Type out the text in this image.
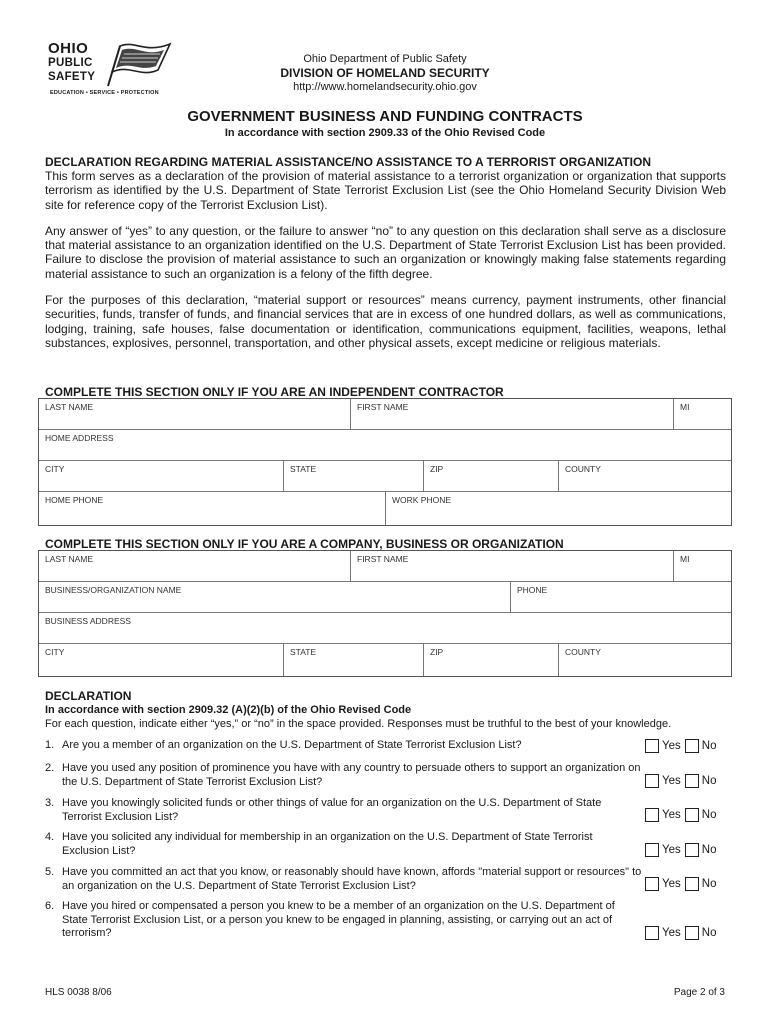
OHIO
PUBLIC
SAFETY
EDUCATION • SERVICE • PROTECTION
Ohio Department of Public Safety
DIVISION OF HOMELAND SECURITY
http://www.homelandsecurity.ohio.gov
GOVERNMENT BUSINESS AND FUNDING CONTRACTS
In accordance with section 2909.33 of the Ohio Revised Code
DECLARATION REGARDING MATERIAL ASSISTANCE/NO ASSISTANCE TO A TERRORIST ORGANIZATION

This form serves as a declaration of the provision of material assistance to a terrorist organization or organization that supports terrorism as identified by the U.S. Department of State Terrorist Exclusion List (see the Ohio Homeland Security Division Web site for reference copy of the Terrorist Exclusion List).

Any answer of “yes” to any question, or the failure to answer “no” to any question on this declaration shall serve as a disclosure that material assistance to an organization identified on the U.S. Department of State Terrorist Exclusion List has been provided. Failure to disclose the provision of material assistance to such an organization or knowingly making false statements regarding material assistance to such an organization is a felony of the fifth degree.

For the purposes of this declaration, “material support or resources” means currency, payment instruments, other financial securities, funds, transfer of funds, and financial services that are in excess of one hundred dollars, as well as communications, lodging, training, safe houses, false documentation or identification, communications equipment, facilities, weapons, lethal substances, explosives, personnel, transportation, and other physical assets, except medicine or religious materials.

COMPLETE THIS SECTION ONLY IF YOU ARE AN INDEPENDENT CONTRACTOR
LAST NAME	FIRST NAME	MI
HOME ADDRESS
CITY	STATE	ZIP	COUNTY
HOME PHONE	WORK PHONE
COMPLETE THIS SECTION ONLY IF YOU ARE A COMPANY, BUSINESS OR ORGANIZATION
LAST NAME	FIRST NAME	MI
BUSINESS/ORGANIZATION NAME	PHONE
BUSINESS ADDRESS
CITY	STATE	ZIP	COUNTY
DECLARATION
In accordance with section 2909.32 (A)(2)(b) of the Ohio Revised Code
For each question, indicate either “yes,” or “no” in the space provided. Responses must be truthful to the best of your knowledge.
1. Are you a member of an organization on the U.S. Department of State Terrorist Exclusion List?	Yes No
2. Have you used any position of prominence you have with any country to persuade others to support an organization on the U.S. Department of State Terrorist Exclusion List?	Yes No
3. Have you knowingly solicited funds or other things of value for an organization on the U.S. Department of State Terrorist Exclusion List?	Yes No
4. Have you solicited any individual for membership in an organization on the U.S. Department of State Terrorist Exclusion List?	Yes No
5. Have you committed an act that you know, or reasonably should have known, affords "material support or resources" to an organization on the U.S. Department of State Terrorist Exclusion List?	Yes No
6. Have you hired or compensated a person you knew to be a member of an organization on the U.S. Department of State Terrorist Exclusion List, or a person you knew to be engaged in planning, assisting, or carrying out an act of terrorism?	Yes No
HLS 0038 8/06	Page 2 of 3
